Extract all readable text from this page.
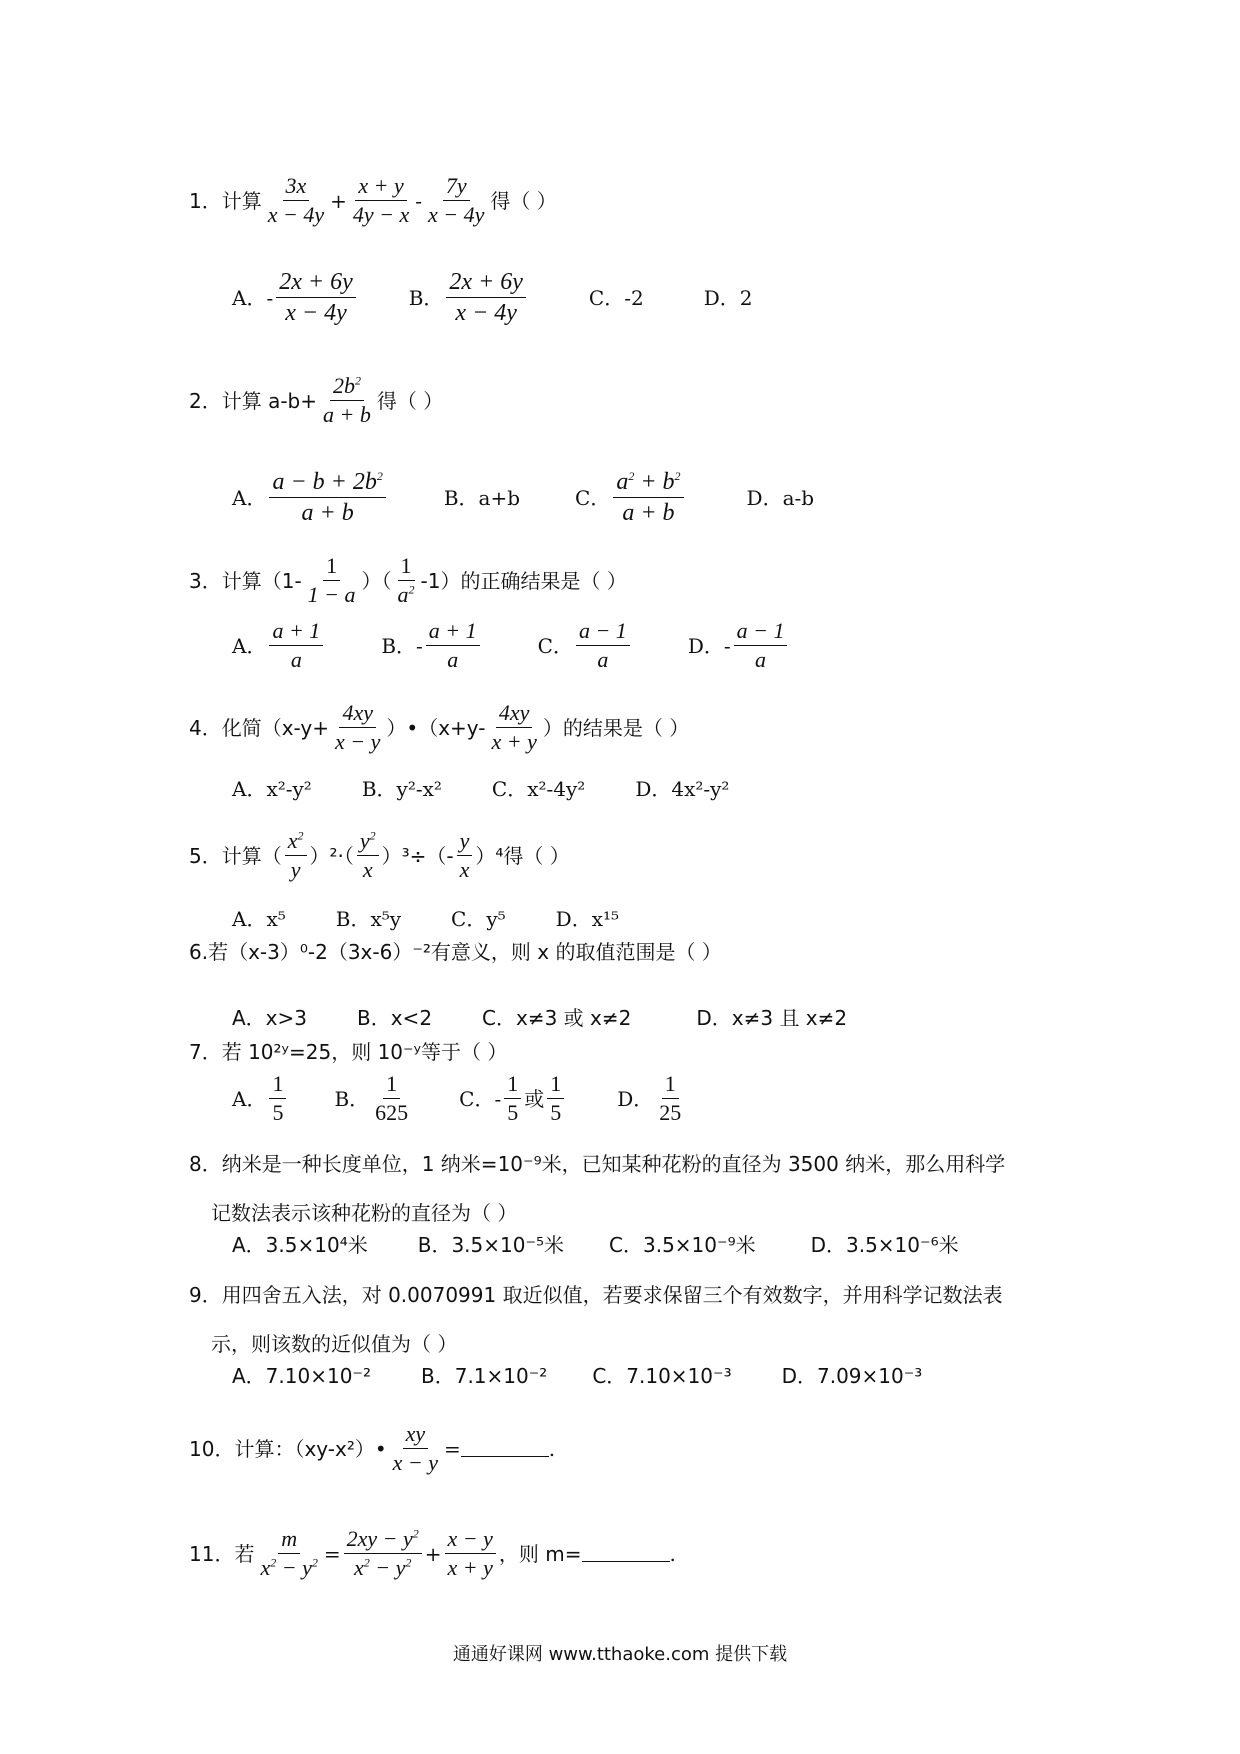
1．计算 $\frac{3x}{x - 4y} + \frac{x + y}{4y - x} - \frac{7y}{x - 4y}$ 得（ ）
A． - $\frac{2x + 6y}{x - 4y}$	B． $\frac{2x + 6y}{x - 4y}$	C．-2	D．2
2．计算 $a-b+ \frac{2b^2}{a + b}$ 得（ ）
A． $\frac{a - b + 2b^2}{a + b}$	B．a+b	C． $\frac{a^2 + b^2}{a + b}$	D．a-b
3．计算（$1- \frac{1}{1 - a}$ ）（ $\frac{1}{a^2} -1$）的正确结果是（ ）
A． $\frac{a + 1}{a}$	B．- $\frac{a + 1}{a}$	C． $\frac{a - 1}{a}$	D．- $\frac{a - 1}{a}$
4．化简（$x-y+ \frac{4xy}{x - y}$ ）•（x+y- $\frac{4xy}{x + y}$ ）的结果是（ ）
A．x²-y²	B．y²-x²	C．x²-4y²	D．4x²-y²
5．计算（ $\frac{x^2}{y} )^2\cdot( \frac{y^2}{x} )^3\div(- \frac{y}{x} )^4$得（ ）
A．x⁵	B．x⁵y	C．y⁵	D．x¹⁵
6.若（x-3）⁰-2（3x-6）⁻²有意义，则 x 的取值范围是（ ）
A．x>3	B．x<2	C．x≠3 或 x≠2	D．x≠3 且 x≠2
7．若 10²ʸ=25，则 10⁻ʸ等于（ ）
A． $\frac{1}{5}$ B． $\frac{1}{625}$ C．- $\frac{1}{5}$ 或 $\frac{1}{5}$	D． $\frac{1}{25}$
8．纳米是一种长度单位，1 纳米=10⁻⁹米，已知某种花粉的直径为 3500 纳米，那么用科学
记数法表示该种花粉的直径为（ ）
A．3.5×10⁴米	B．3.5×10⁻⁵米 C．3.5×10⁻⁹米	D．3.5×10⁻⁶米
9．用四舍五入法，对 0.0070991 取近似值，若要求保留三个有效数字，并用科学记数法表
示，则该数的近似值为（ ）
A．7.10×10⁻²	B．7.1×10⁻² C．7.10×10⁻³	D．7.09×10⁻³
10．计算：（xy-x²）• $\frac{xy}{x - y}$ =	.
11．若 $\frac{m}{x^2 - y^2} = \frac{2xy - y^2}{x^2 - y^2} + \frac{x - y}{x + y}$ ，则 m=	.
通通好课网 www.tthaoke.com 提供下载
